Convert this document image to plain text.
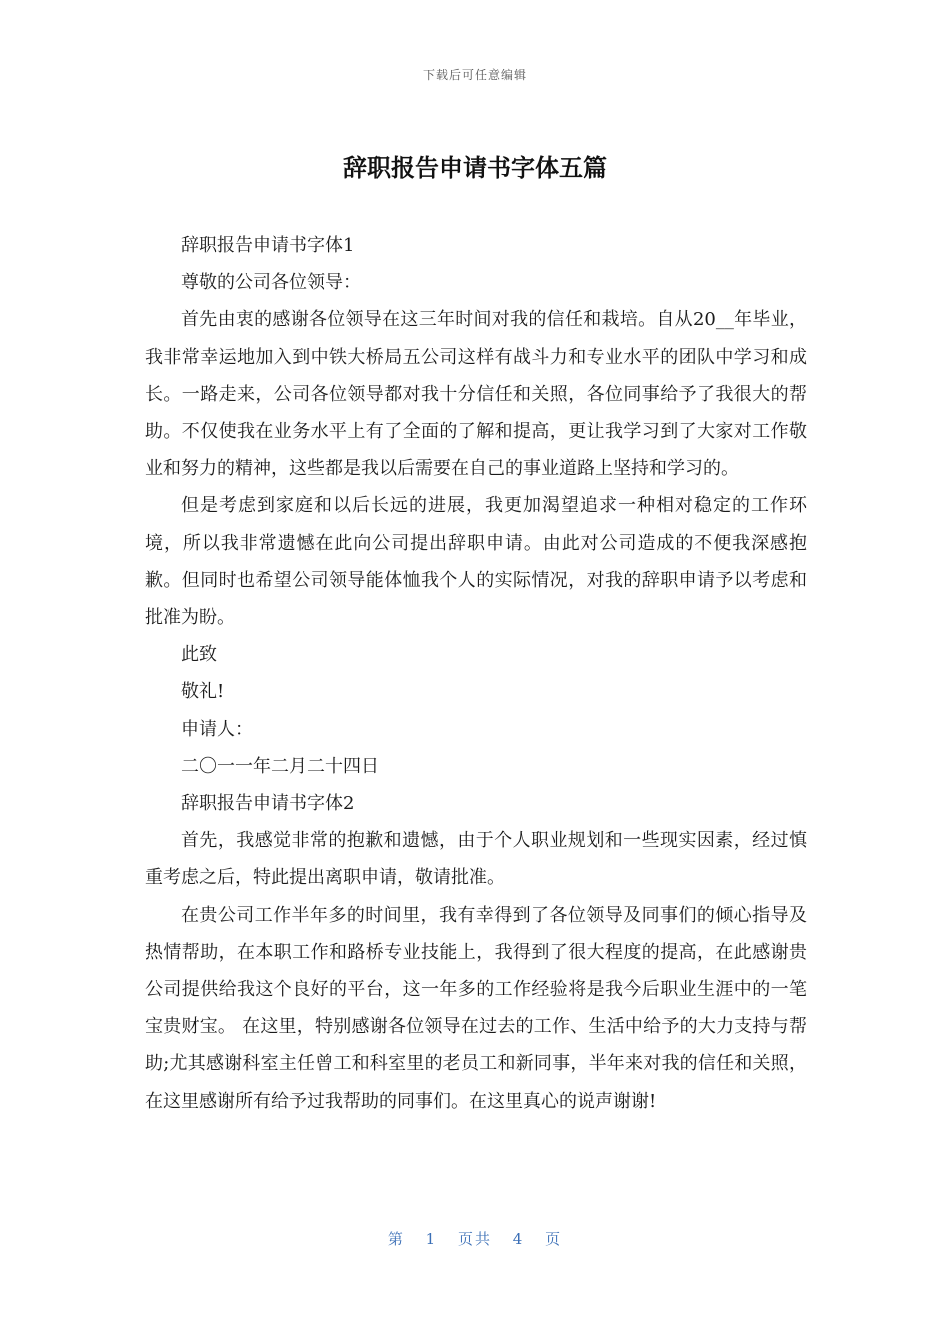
下载后可任意编辑
辞职报告申请书字体五篇

辞职报告申请书字体1

尊敬的公司各位领导：

首先由衷的感谢各位领导在这三年时间对我的信任和栽培。自从20__年毕业，我非常幸运地加入到中铁大桥局五公司这样有战斗力和专业水平的团队中学习和成长。一路走来，公司各位领导都对我十分信任和关照，各位同事给予了我很大的帮助。不仅使我在业务水平上有了全面的了解和提高，更让我学习到了大家对工作敬业和努力的精神，这些都是我以后需要在自己的事业道路上坚持和学习的。

但是考虑到家庭和以后长远的进展，我更加渴望追求一种相对稳定的工作环境，所以我非常遗憾在此向公司提出辞职申请。由此对公司造成的不便我深感抱歉。但同时也希望公司领导能体恤我个人的实际情况，对我的辞职申请予以考虑和批准为盼。

此致

敬礼!

申请人：

二〇一一年二月二十四日

辞职报告申请书字体2

首先，我感觉非常的抱歉和遗憾，由于个人职业规划和一些现实因素，经过慎重考虑之后，特此提出离职申请，敬请批准。

在贵公司工作半年多的时间里，我有幸得到了各位领导及同事们的倾心指导及热情帮助，在本职工作和路桥专业技能上，我得到了很大程度的提高，在此感谢贵公司提供给我这个良好的平台，这一年多的工作经验将是我今后职业生涯中的一笔宝贵财宝。 在这里，特别感谢各位领导在过去的工作、生活中给予的大力支持与帮助;尤其感谢科室主任曾工和科室里的老员工和新同事，半年来对我的信任和关照，在这里感谢所有给予过我帮助的同事们。在这里真心的说声谢谢!

第 1 页共 4 页
